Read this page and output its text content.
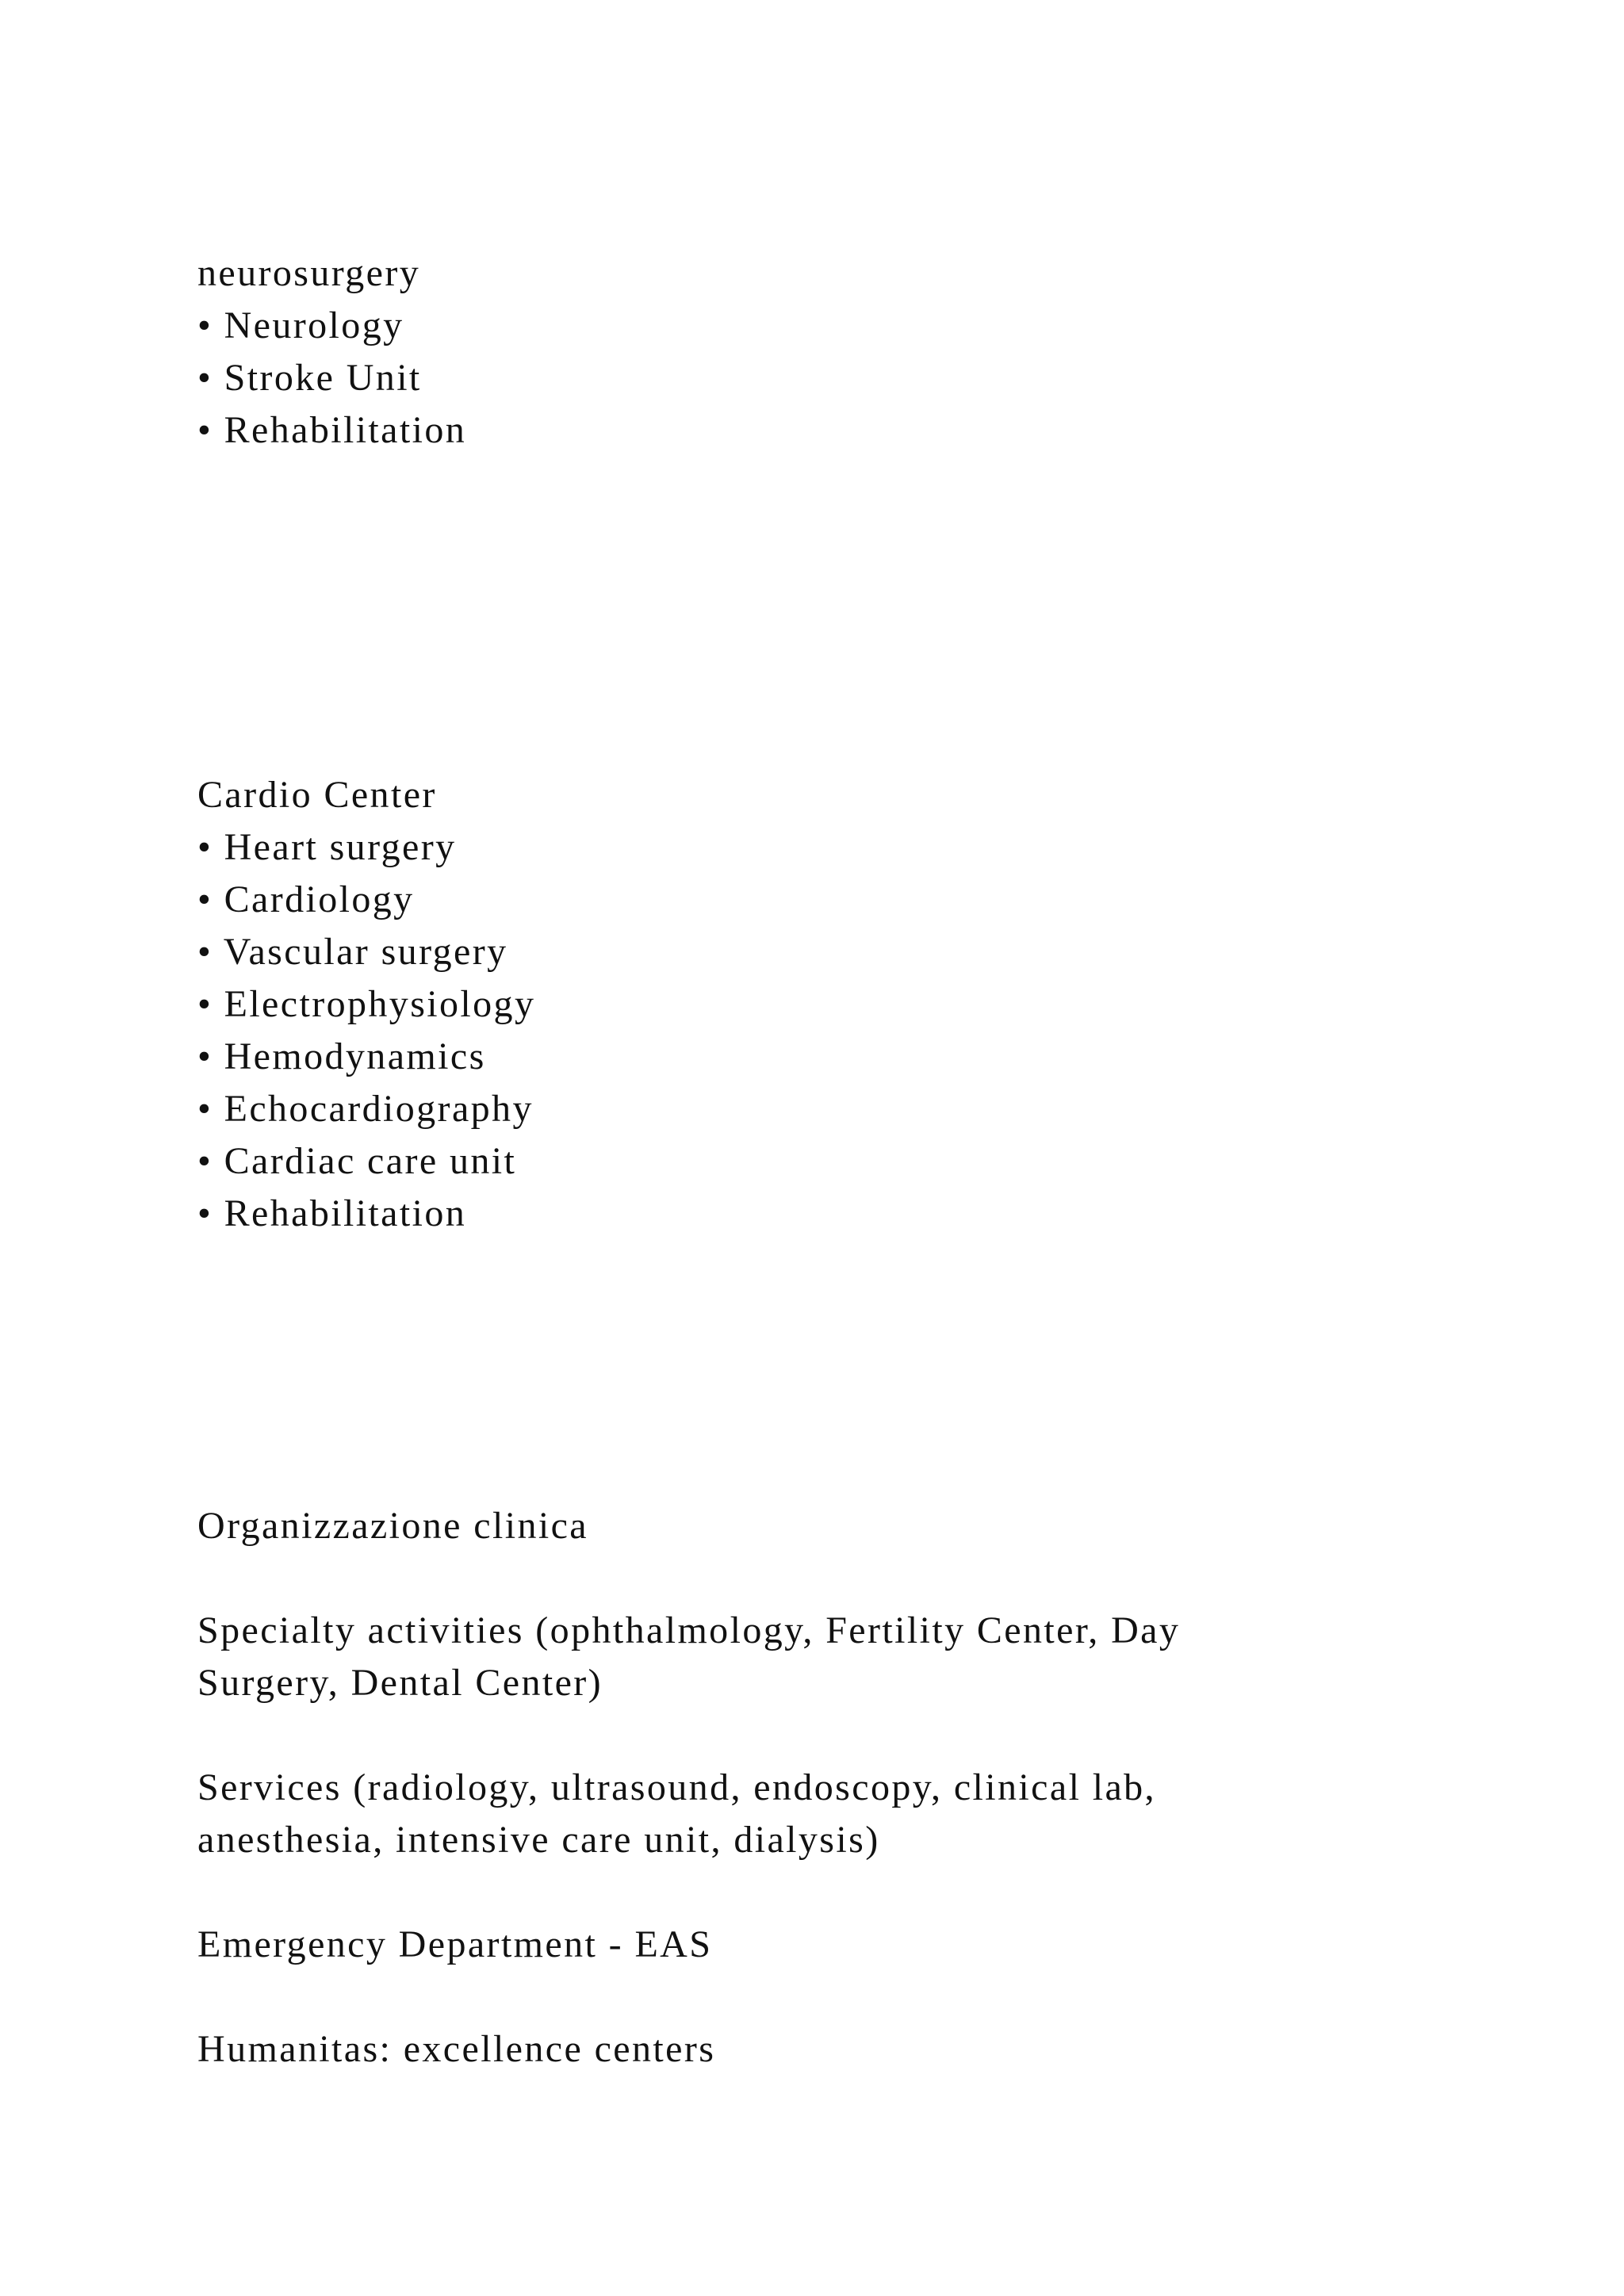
neurosurgery
• Neurology
• Stroke Unit
• Rehabilitation
Cardio Center
• Heart surgery
• Cardiology
• Vascular surgery
• Electrophysiology
• Hemodynamics
• Echocardiography
• Cardiac care unit
• Rehabilitation
Organizzazione clinica
Specialty activities (ophthalmology, Fertility Center, Day
Surgery, Dental Center)
Services (radiology, ultrasound, endoscopy, clinical lab,
anesthesia, intensive care unit, dialysis)
Emergency Department - EAS
Humanitas: excellence centers
